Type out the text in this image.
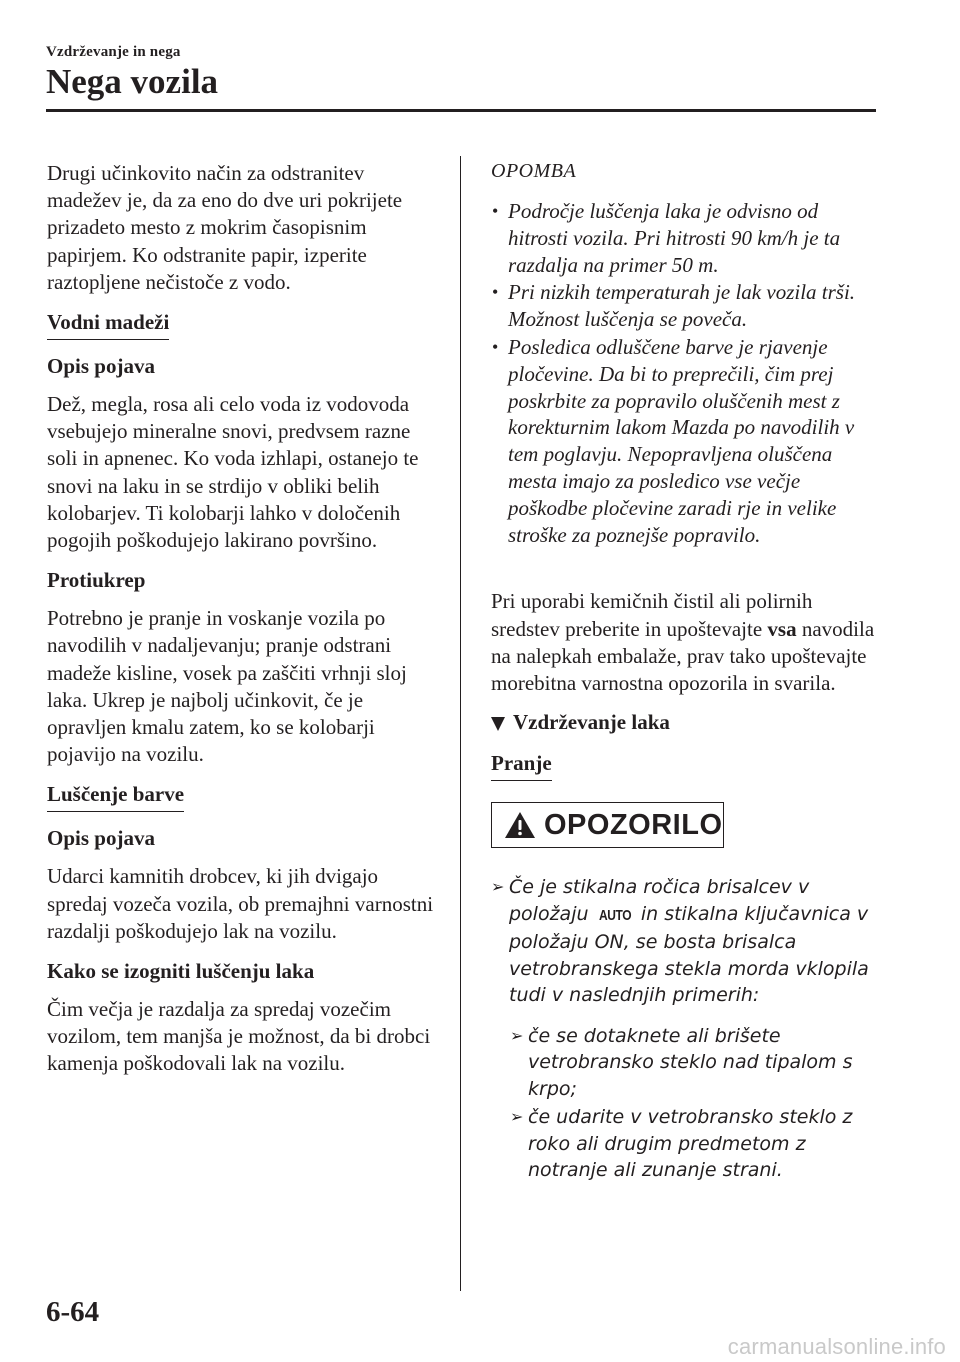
Vzdrževanje in nega
Nega vozila

Drugi učinkovito način za odstranitev madežev je, da za eno do dve uri pokrijete prizadeto mesto z mokrim časopisnim papirjem. Ko odstranite papir, izperite raztopljene nečistoče z vodo.

Vodni madeži
Opis pojava

Dež, megla, rosa ali celo voda iz vodovoda vsebujejo mineralne snovi, predvsem razne soli in apnenec. Ko voda izhlapi, ostanejo te snovi na laku in se strdijo v obliki belih kolobarjev. Ti kolobarji lahko v določenih pogojih poškodujejo lakirano površino.

Protiukrep

Potrebno je pranje in voskanje vozila po navodilih v nadaljevanju; pranje odstrani madeže kisline, vosek pa zaščiti vrhnji sloj laka. Ukrep je najbolj učinkovit, če je opravljen kmalu zatem, ko se kolobarji pojavijo na vozilu.

Luščenje barve
Opis pojava

Udarci kamnitih drobcev, ki jih dvigajo spredaj vozeča vozila, ob premajhni varnostni razdalji poškodujejo lak na vozilu.

Kako se izogniti luščenju laka

Čim večja je razdalja za spredaj vozečim vozilom, tem manjša je možnost, da bi drobci kamenja poškodovali lak na vozilu.

OPOMBA
• Področje luščenja laka je odvisno od hitrosti vozila. Pri hitrosti 90 km/h je ta razdalja na primer 50 m.
• Pri nizkih temperaturah je lak vozila trši. Možnost luščenja se poveča.
• Posledica odluščene barve je rjavenje pločevine. Da bi to preprečili, čim prej poskrbite za popravilo oluščenih mest z korekturnim lakom Mazda po navodilih v tem poglavju. Nepopravljena oluščena mesta imajo za posledico vse večje poškodbe pločevine zaradi rje in velike stroške za poznejše popravilo.

Pri uporabi kemičnih čistil ali polirnih sredstev preberite in upoštevajte vsa navodila na nalepkah embalaže, prav tako upoštevajte morebitna varnostna opozorila in svarila.

Vzdrževanje laka
Pranje
OPOZORILO
➢ Če je stikalna ročica brisalcev v položaju AUTO in stikalna ključavnica v položaju ON, se bosta brisalca vetrobranskega stekla morda vklopila tudi v naslednjih primerih:
➢ če se dotaknete ali brišete vetrobransko steklo nad tipalom s krpo;
➢ če udarite v vetrobransko steklo z roko ali drugim predmetom z notranje ali zunanje strani.
6-64
carmanualsonline.info
